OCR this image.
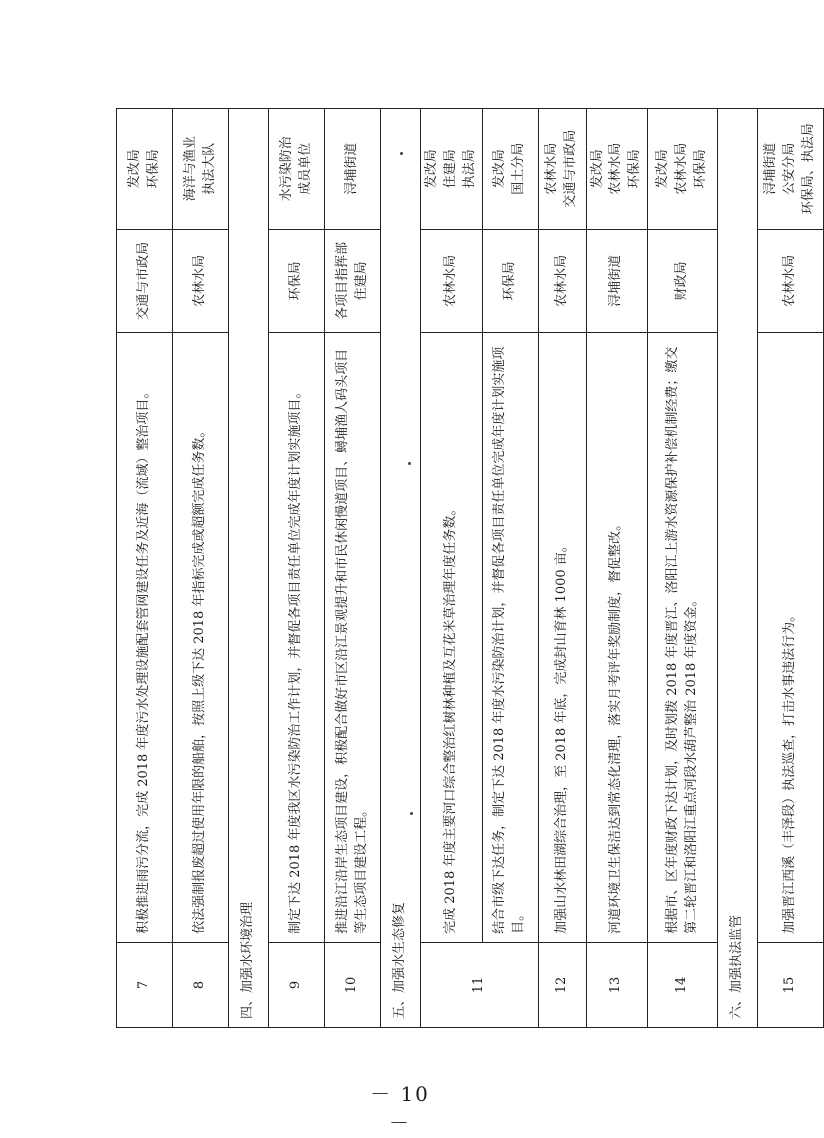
7	积极推进雨污分流，完成 2018 年度污水处理设施配套管网建设任务及近海（流域）整治项目。	交通与市政局	发改局 环保局

8	依法强制报废超过使用年限的船舶，按照上级下达 2018 年指标完成或超额完成任务数。	农林水局	海洋与渔业 执法大队

四、加强水环境治理			
9	制定下达 2018 年度我区水污染防治工作计划，并督促各项目责任单位完成年度计划实施项目。	环保局	水污染防治 成员单位

10	推进沿江沿岸生态项目建设，积极配合做好市区沿江景观提升和市民休闲慢道项目、蟳埔渔人码头项目等生态项目建设工程。	各项目指挥部 住建局	浔埔街道

五、加强水生态修复			
11	完成 2018 年度主要河口综合整治红树林种植及互花米草治理年度任务数。	农林水局	发改局 住建局 执法局

	结合市级下达任务，制定下达 2018 年度水污染防治计划，并督促各项目责任单位完成年度计划实施项目。	环保局	发改局 国土分局

12	加强山水林田湖综合治理，至 2018 年底，完成封山育林 1000 亩。	农林水局	农林水局 交通与市政局

13	河道环境卫生保洁达到常态化清理，落实月考评年奖励制度，督促整改。	浔埔街道	发改局 农林水局 环保局

14	根据市、区年度财政下达计划，及时划拨 2018 年度晋江、洛阳江上游水资源保护补偿机制经费；缴交第二轮晋江和洛阳江重点河段水葫芦整治 2018 年度资金。	财政局	发改局 农林水局 环保局

六、加强执法监管			
15	加强晋江西溪（丰泽段）执法巡查，打击水事违法行为。	农林水局	浔埔街道 公安分局 环保局、执法局
－ 10 －
